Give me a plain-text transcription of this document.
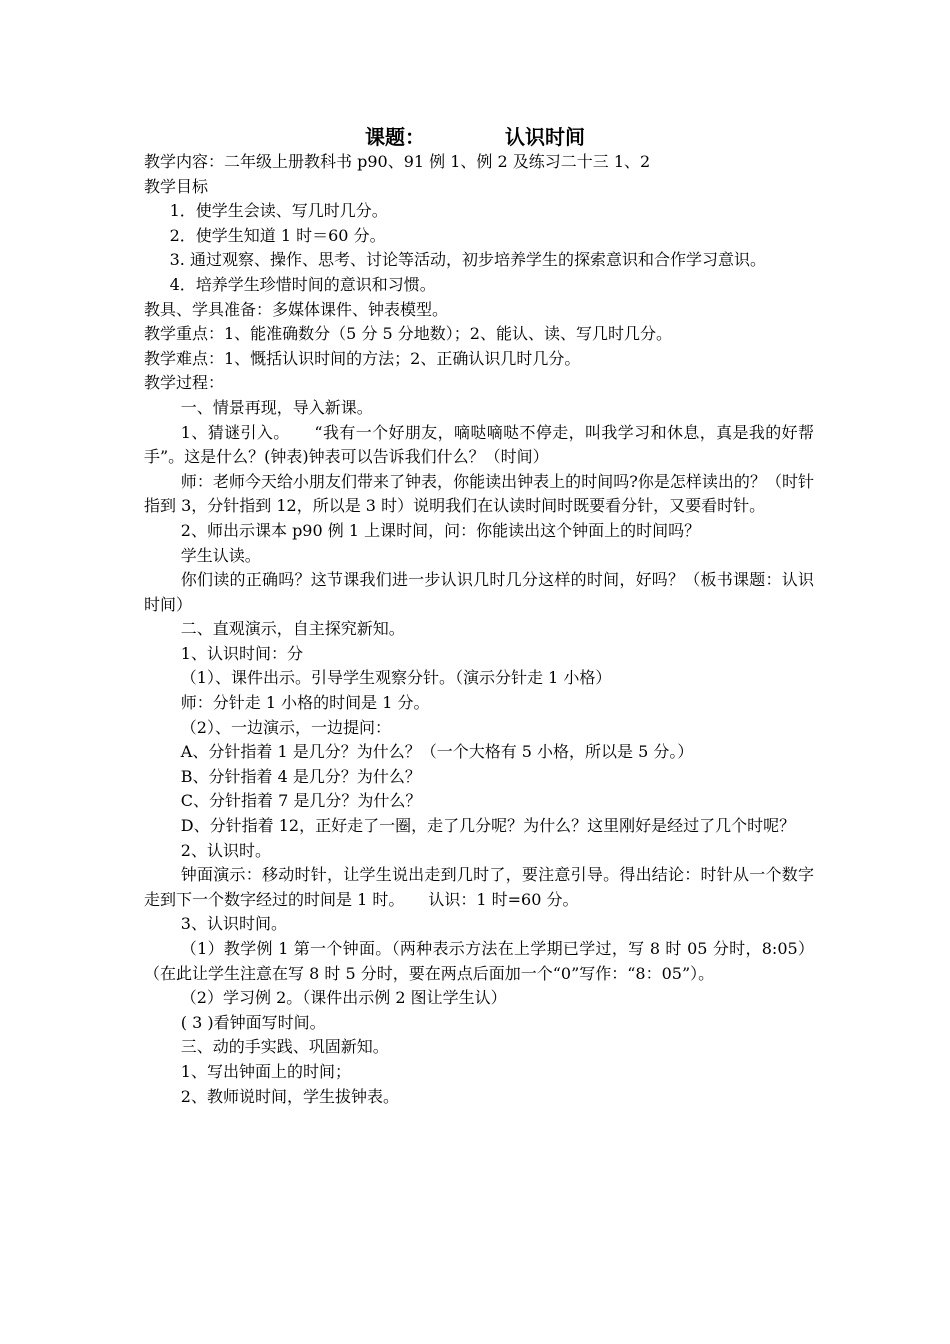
课题：	认识时间

教学内容：二年级上册教科书 p90、91 例 1、例 2 及练习二十三 1、2

教学目标

1．使学生会读、写几时几分。

2．使学生知道 1 时＝60 分。

3. 通过观察、操作、思考、讨论等活动，初步培养学生的探索意识和合作学习意识。

4．培养学生珍惜时间的意识和习惯。

教具、学具准备：多媒体课件、钟表模型。

教学重点：1、能准确数分（5 分 5 分地数）；2、能认、读、写几时几分。

教学难点：1、慨括认识时间的方法；2、正确认识几时几分。

教学过程：

一、情景再现，导入新课。

1、猜谜引入。　　“我有一个好朋友，嘀哒嘀哒不停走，叫我学习和休息，真是我的好帮手”。这是什么？(钟表)钟表可以告诉我们什么？（时间）

师：老师今天给小朋友们带来了钟表，你能读出钟表上的时间吗?你是怎样读出的？（时针指到 3，分针指到 12，所以是 3 时）说明我们在认读时间时既要看分针，又要看时针。

2、师出示课本 p90 例 1 上课时间，问：你能读出这个钟面上的时间吗？

学生认读。

你们读的正确吗？这节课我们进一步认识几时几分这样的时间，好吗？（板书课题：认识时间）

二、直观演示，自主探究新知。

1、认识时间：分

（1）、课件出示。引导学生观察分针。（演示分针走 1 小格）

师：分针走 1 小格的时间是 1 分。

（2）、一边演示，一边提问：

A、分针指着 1 是几分？为什么？（一个大格有 5 小格，所以是 5 分。）

B、分针指着 4 是几分？为什么？

C、分针指着 7 是几分？为什么？

D、分针指着 12，正好走了一圈，走了几分呢？为什么？这里刚好是经过了几个时呢？

2、认识时。

钟面演示：移动时针，让学生说出走到几时了，要注意引导。得出结论：时针从一个数字走到下一个数字经过的时间是 1 时。　　认识：1 时=60 分。

3、认识时间。

（1）教学例 1 第一个钟面。（两种表示方法在上学期已学过，写 8 时 05 分时，8:05）（在此让学生注意在写 8 时 5 分时，要在两点后面加一个“0”写作：“8：05”）。

（2）学习例 2。（课件出示例 2 图让学生认）

( 3 )看钟面写时间。

三、动的手实践、巩固新知。

1、写出钟面上的时间；

2、教师说时间，学生拔钟表。
